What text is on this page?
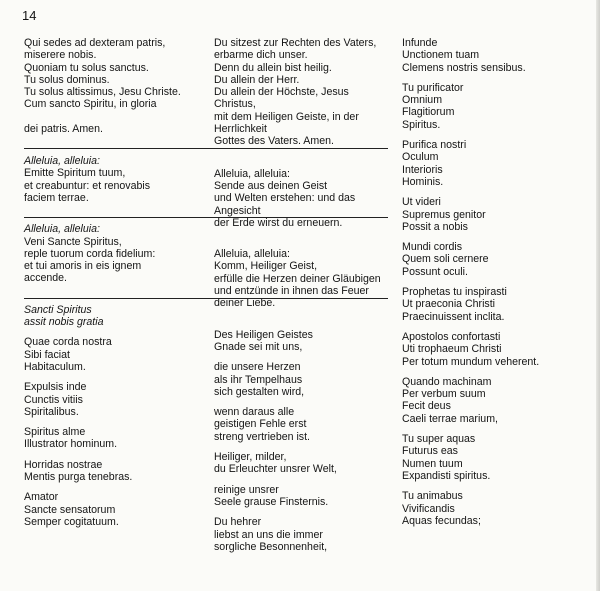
14
Qui sedes ad dexteram patris,
miserere nobis.
Quoniam tu solus sanctus.
Tu solus dominus.
Tu solus altissimus, Jesu Christe.
Cum sancto Spiritu, in gloria
dei patris. Amen.
Alleluia, alleluia:
Emitte Spiritum tuum,
et creabuntur: et renovabis
faciem terrae.
Alleluia, alleluia:
Veni Sancte Spiritus,
reple tuorum corda fidelium:
et tui amoris in eis ignem
accende.
Sancti Spiritus
assit nobis gratia
Quae corda nostra
Sibi faciat
Habitaculum.
Expulsis inde
Cunctis vitiis
Spiritalibus.
Spiritus alme
Illustrator hominum.
Horridas nostrae
Mentis purga tenebras.
Amator
Sancte sensatorum
Semper cogitatuum.
Du sitzest zur Rechten des Vaters,
erbarme dich unser.
Denn du allein bist heilig.
Du allein der Herr.
Du allein der Höchste, Jesus Christus,
mit dem Heiligen Geiste, in der
Herrlichkeit
Gottes des Vaters. Amen.
Alleluia, alleluia:
Sende aus deinen Geist
und Welten erstehen: und das Angesicht
der Erde wirst du erneuern.
Alleluia, alleluia:
Komm, Heiliger Geist,
erfülle die Herzen deiner Gläubigen
und entzünde in ihnen das Feuer
deiner Liebe.
Des Heiligen Geistes
Gnade sei mit uns,
die unsere Herzen
als ihr Tempelhaus
sich gestalten wird,
wenn daraus alle
geistigen Fehle erst
streng vertrieben ist.
Heiliger, milder,
du Erleuchter unsrer Welt,
reinige unsrer
Seele grause Finsternis.
Du hehrer
liebst an uns die immer
sorgliche Besonnenheit,
Infunde
Unctionem tuam
Clemens nostris sensibus.
Tu purificator
Omnium
Flagitiorum
Spiritus.
Purifica nostri
Oculum
Interioris
Hominis.
Ut videri
Supremus genitor
Possit a nobis
Mundi cordis
Quem soli cernere
Possunt oculi.
Prophetas tu inspirasti
Ut praeconia Christi
Praecinuissent inclita.
Apostolos confortasti
Uti trophaeum Christi
Per totum mundum veherent.
Quando machinam
Per verbum suum
Fecit deus
Caeli terrae marium,
Tu super aquas
Futurus eas
Numen tuum
Expandisti spiritus.
Tu animabus
Vivificandis
Aquas fecundas;
